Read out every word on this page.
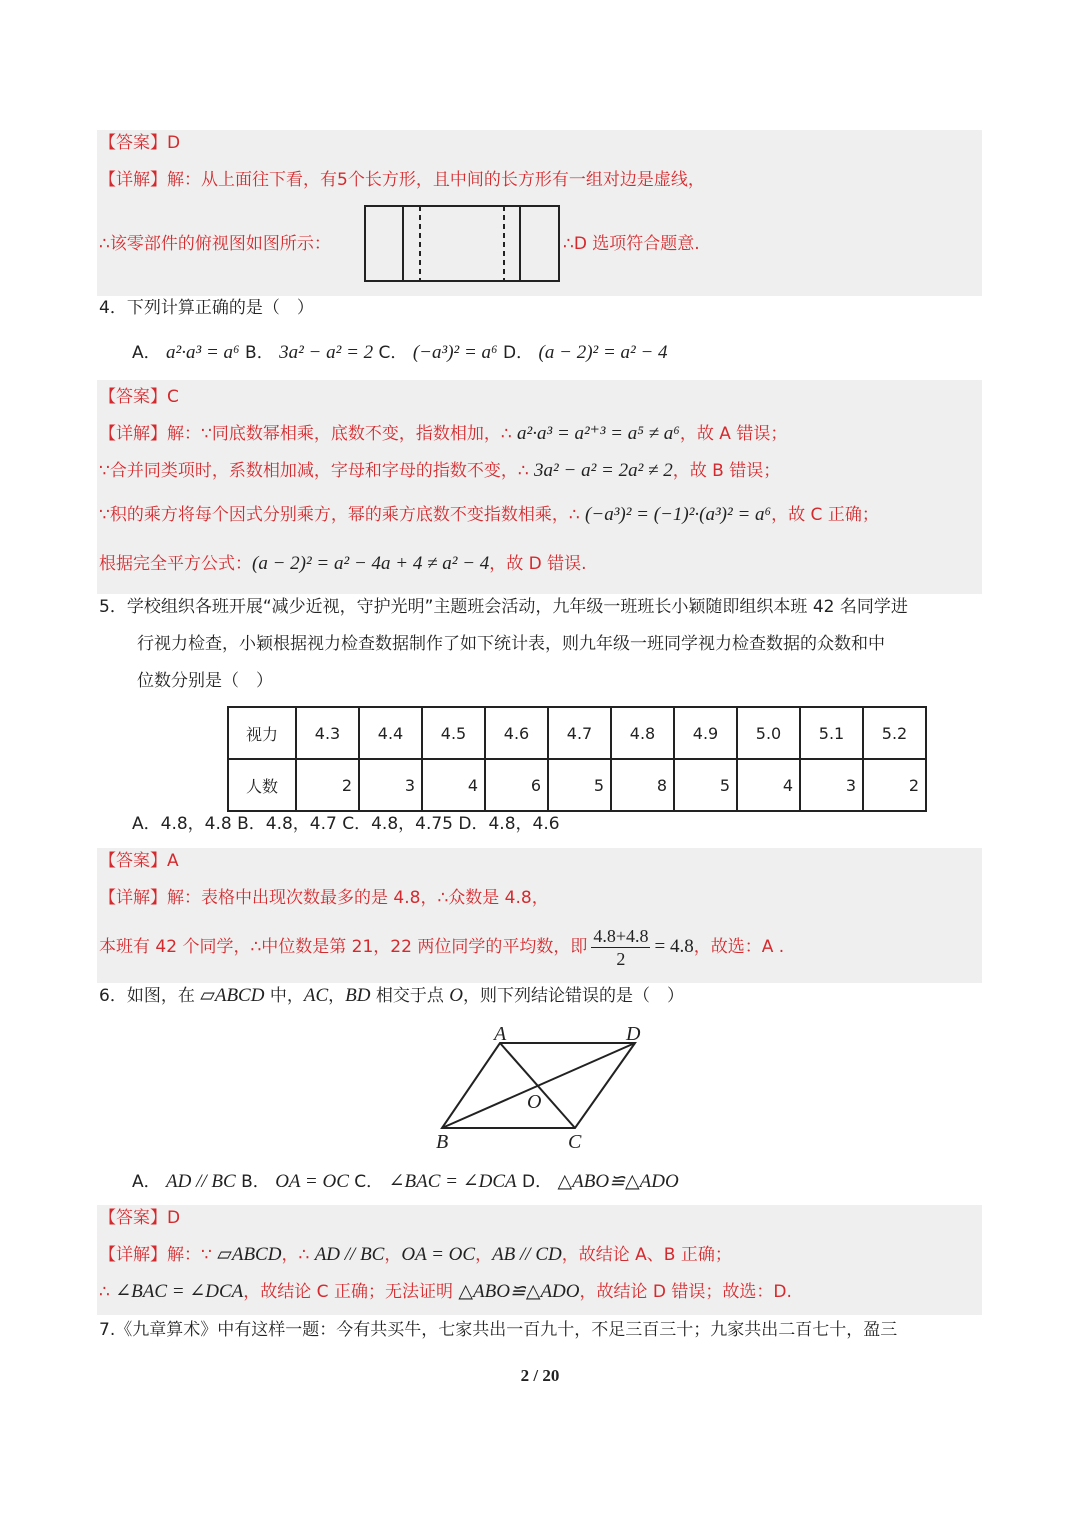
【答案】D
【详解】解：从上面往下看，有5个长方形，且中间的长方形有一组对边是虚线，
∴该零部件的俯视图如图所示：	∴D 选项符合题意.
4．下列计算正确的是（　）
A． a²·a³ = a⁶ B． 3a² − a² = 2 C． (−a³)² = a⁶ D． (a − 2)² = a² − 4
【答案】C
【详解】解：∵同底数幂相乘，底数不变，指数相加，∴ a²·a³ = a²⁺³ = a⁵ ≠ a⁶，故 A 错误；
∵合并同类项时，系数相加减，字母和字母的指数不变，∴ 3a² − a² = 2a² ≠ 2，故 B 错误；
∵积的乘方将每个因式分别乘方，幂的乘方底数不变指数相乘，∴ (−a³)² = (−1)²·(a³)² = a⁶，故 C 正确；
根据完全平方公式：(a − 2)² = a² − 4a + 4 ≠ a² − 4，故 D 错误.
5．学校组织各班开展“减少近视，守护光明”主题班会活动，九年级一班班长小颖随即组织本班 42 名同学进
行视力检查，小颖根据视力检查数据制作了如下统计表，则九年级一班同学视力检查数据的众数和中
位数分别是（　）
视力	4.3	4.4	4.5	4.6	4.7	4.8	4.9	5.0	5.1	5.2
人数	2	3	4	6	5	8	5	4	3	2
A．4.8，4.8 B．4.8，4.7 C．4.8，4.75 D．4.8，4.6
【答案】A
【详解】解：表格中出现次数最多的是 4.8，∴众数是 4.8，
本班有 42 个同学，∴中位数是第 21，22 两位同学的平均数，即 $\frac{4.8+4.8}{2} = 4.8$，故选：A .
6．如图，在 ▱ABCD 中，AC，BD 相交于点 O，则下列结论错误的是（　）
A	D
B	C
O
A． AD // BC B． OA = OC C． ∠BAC = ∠DCA D． △ABO≌△ADO
【答案】D
【详解】解：∵ ▱ABCD，∴ AD // BC，OA = OC，AB // CD，故结论 A、B 正确；
∴ ∠BAC = ∠DCA，故结论 C 正确；无法证明 △ABO≌△ADO，故结论 D 错误；故选：D.
7.《九章算术》中有这样一题：今有共买牛，七家共出一百九十，不足三百三十；九家共出二百七十，盈三
2 / 20
